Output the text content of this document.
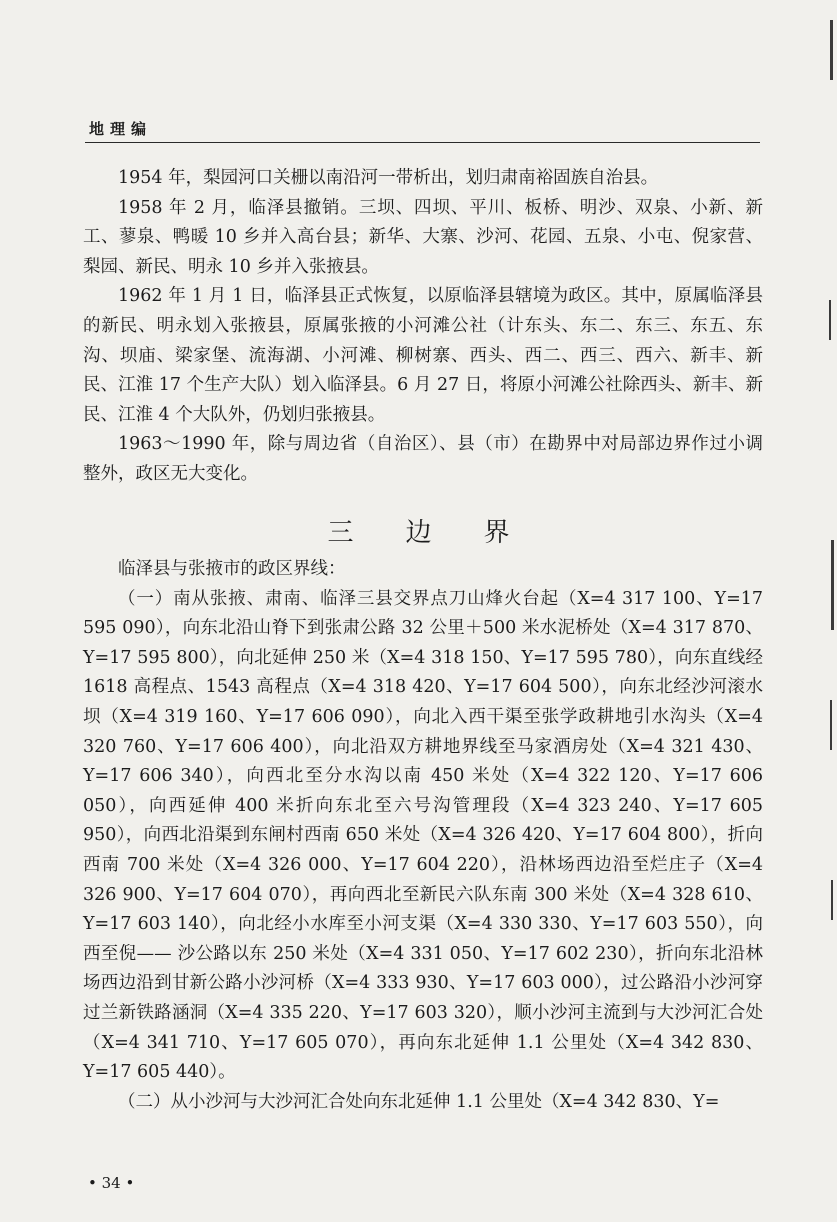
地理编

1954 年，梨园河口关栅以南沿河一带析出，划归肃南裕固族自治县。

1958 年 2 月，临泽县撤销。三坝、四坝、平川、板桥、明沙、双泉、小新、新工、蓼泉、鸭暖 10 乡并入高台县；新华、大寨、沙河、花园、五泉、小屯、倪家营、梨园、新民、明永 10 乡并入张掖县。

1962 年 1 月 1 日，临泽县正式恢复，以原临泽县辖境为政区。其中，原属临泽县的新民、明永划入张掖县，原属张掖的小河滩公社（计东头、东二、东三、东五、东沟、坝庙、梁家堡、流海湖、小河滩、柳树寨、西头、西二、西三、西六、新丰、新民、江淮 17 个生产大队）划入临泽县。6 月 27 日，将原小河滩公社除西头、新丰、新民、江淮 4 个大队外，仍划归张掖县。

1963～1990 年，除与周边省（自治区）、县（市）在勘界中对局部边界作过小调整外，政区无大变化。

三边界

临泽县与张掖市的政区界线：

（一）南从张掖、肃南、临泽三县交界点刀山烽火台起（X=4 317 100、Y=17 595 090），向东北沿山脊下到张肃公路 32 公里＋500 米水泥桥处（X=4 317 870、Y=17 595 800），向北延伸 250 米（X=4 318 150、Y=17 595 780），向东直线经 1618 高程点、1543 高程点（X=4 318 420、Y=17 604 500），向东北经沙河滚水坝（X=4 319 160、Y=17 606 090），向北入西干渠至张学政耕地引水沟头（X=4 320 760、Y=17 606 400），向北沿双方耕地界线至马家酒房处（X=4 321 430、Y=17 606 340），向西北至分水沟以南 450 米处（X=4 322 120、Y=17 606 050），向西延伸 400 米折向东北至六号沟管理段（X=4 323 240、Y=17 605 950），向西北沿渠到东闸村西南 650 米处（X=4 326 420、Y=17 604 800），折向西南 700 米处（X=4 326 000、Y=17 604 220），沿林场西边沿至烂庄子（X=4 326 900、Y=17 604 070），再向西北至新民六队东南 300 米处（X=4 328 610、Y=17 603 140），向北经小水库至小河支渠（X=4 330 330、Y=17 603 550），向西至倪—— 沙公路以东 250 米处（X=4 331 050、Y=17 602 230），折向东北沿林场西边沿到甘新公路小沙河桥（X=4 333 930、Y=17 603 000），过公路沿小沙河穿过兰新铁路涵洞（X=4 335 220、Y=17 603 320），顺小沙河主流到与大沙河汇合处（X=4 341 710、Y=17 605 070），再向东北延伸 1.1 公里处（X=4 342 830、Y=17 605 440）。

（二）从小沙河与大沙河汇合处向东北延伸 1.1 公里处（X=4 342 830、Y=

• 34 •
